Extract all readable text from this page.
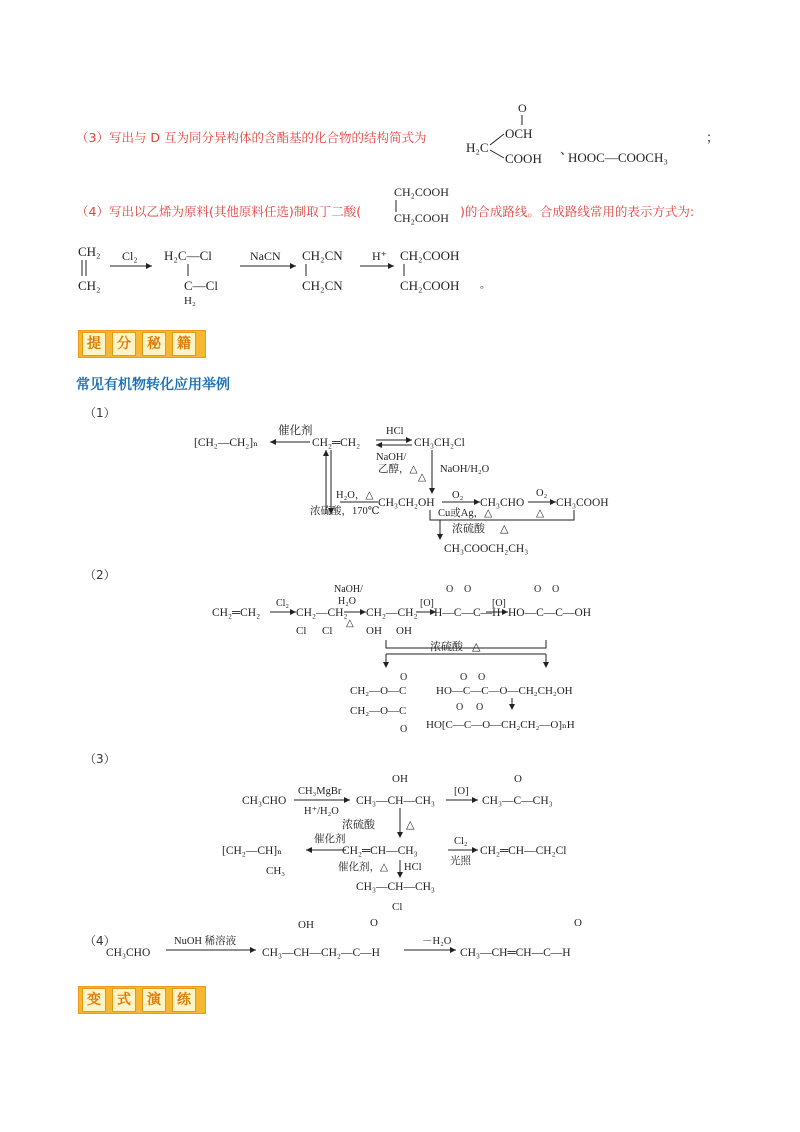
（3）写出与 D 互为同分异构体的含酯基的化合物的结构简式为
O
OCH
H₂C
COOH
、
HOOC—COOCH₃
；
（4）写出以乙烯为原料(其他原料任选)制取丁二酸(
CH₂COOH
CH₂COOH )的合成路线。合成路线常用的表示方式为:
CH₂
CH₂
Cl₂ H₂C—Cl
C—Cl
H₂
NaCN CH₂CN
CH₂CN
H⁺ CH₂COOH
CH₂COOH 。
提	分	秘	籍
常见有机物转化应用举例
（1）
[CH₂—CH₂]ₙ
催化剂
CH₂═CH₂
HCl
NaOH/
乙醇，△
CH₃CH₂Cl
NaOH/H₂O
△
H₂O，△
浓硫酸，170℃
CH₃CH₂OH
O₂
Cu或Ag，△
CH₃CHO
O₂
△
CH₃COOH
浓硫酸 △
CH₃COOCH₂CH₃
（2）
CH₂═CH₂
Cl₂
CH₂—CH₂
Cl Cl
NaOH/
H₂O
△
CH₂—CH₂
OH OH
[O]
O O
H—C—C—H
[O]
O O
HO—C—C—OH
浓硫酸 △
O
CH₂—O—C
CH₂—O—C
O
O O
HO—C—C—O—CH₂CH₂OH
O O
HO[C—C—O—CH₂CH₂—O]ₙH
（3）
CH₃CHO
CH₃MgBr
H⁺/H₂O
OH
CH₃—CH—CH₃
[O]
O
CH₃—C—CH₃
浓硫酸	△
[CH₂—CH]ₙ
CH₃
催化剂
CH₂═CH—CH₃
Cl₂
光照
CH₂═CH—CH₂Cl
催化剂，△ HCl
CH₃—CH—CH₃
Cl
（4）
CH₃CHO
NuOH 稀溶液
OH	O
CH₃—CH—CH₂—C—H
－H₂O
O
CH₃—CH═CH—C—H
变	式	演	练
